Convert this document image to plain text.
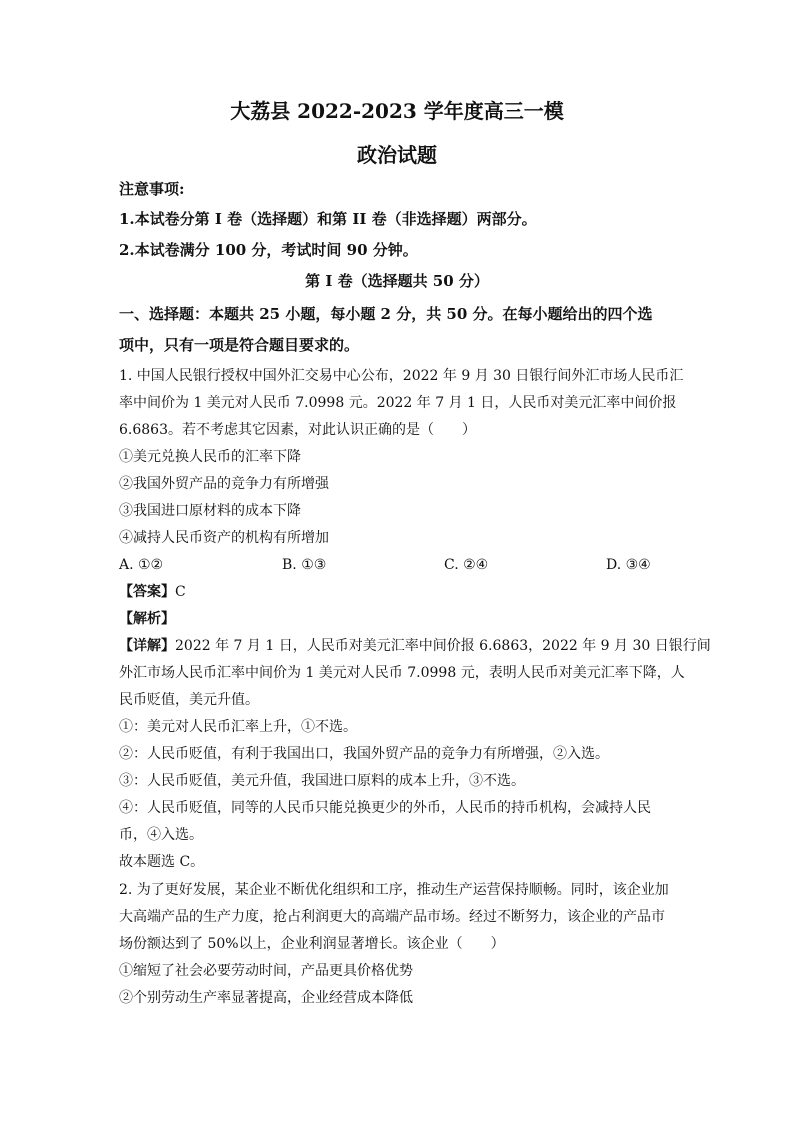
大荔县 2022-2023 学年度高三一模
政治试题
注意事项:
1.本试卷分第 I 卷（选择题）和第 II 卷（非选择题）两部分。
2.本试卷满分 100 分，考试时间 90 分钟。
第 I 卷（选择题共 50 分）
一、选择题：本题共 25 小题，每小题 2 分，共 50 分。在每小题给出的四个选
项中，只有一项是符合题目要求的。
1. 中国人民银行授权中国外汇交易中心公布，2022 年 9 月 30 日银行间外汇市场人民币汇
率中间价为 1 美元对人民币 7.0998 元。2022 年 7 月 1 日，人民币对美元汇率中间价报
6.6863。若不考虑其它因素，对此认识正确的是（　　）
①美元兑换人民币的汇率下降
②我国外贸产品的竞争力有所增强
③我国进口原材料的成本下降
④减持人民币资产的机构有所增加
A. ①②	B. ①③	C. ②④	D. ③④
【答案】C
【解析】
【详解】2022 年 7 月 1 日，人民币对美元汇率中间价报 6.6863，2022 年 9 月 30 日银行间
外汇市场人民币汇率中间价为 1 美元对人民币 7.0998 元，表明人民币对美元汇率下降，人
民币贬值，美元升值。
①：美元对人民币汇率上升，①不选。
②：人民币贬值，有利于我国出口，我国外贸产品的竞争力有所增强，②入选。
③：人民币贬值，美元升值，我国进口原料的成本上升，③不选。
④：人民币贬值，同等的人民币只能兑换更少的外币，人民币的持币机构，会减持人民
币，④入选。
故本题选 C。
2. 为了更好发展，某企业不断优化组织和工序，推动生产运营保持顺畅。同时，该企业加
大高端产品的生产力度，抢占利润更大的高端产品市场。经过不断努力，该企业的产品市
场份额达到了 50%以上，企业利润显著增长。该企业（　　）
①缩短了社会必要劳动时间，产品更具价格优势
②个别劳动生产率显著提高，企业经营成本降低
